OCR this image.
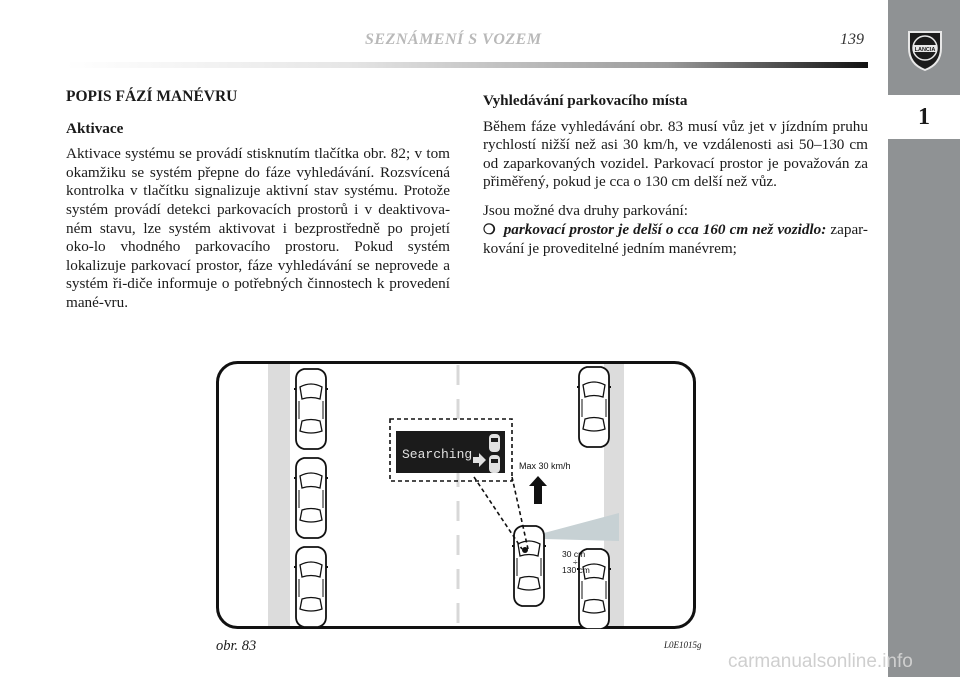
SEZNÁMENÍ S VOZEM	139
LANCIA
1
POPIS FÁZÍ MANÉVRU
Aktivace

Aktivace systému se provádí stisknutím tlačítka obr. 82; v tom okamžiku se systém přepne do fáze vyhledávání. Rozsvícená kontrolka v tlačítku signalizuje aktivní stav systému. Protože systém provádí detekci parkovacích prostorů i v deaktivova-ném stavu, lze systém aktivovat i bezprostředně po projetí oko-lo vhodného parkovacího prostoru. Pokud systém lokalizuje parkovací prostor, fáze vyhledávání se neprovede a systém ři-diče informuje o potřebných činnostech k provedení mané-vru.

Vyhledávání parkovacího místa

Během fáze vyhledávání obr. 83 musí vůz jet v jízdním pruhu rychlostí nižší než asi 30 km/h, ve vzdálenosti asi 50–130 cm od zaparkovaných vozidel. Parkovací prostor je považován za přiměřený, pokud je cca o 130 cm delší než vůz.

Jsou možné dva druhy parkování:

❍ parkovací prostor je delší o cca 160 cm než vozidlo: zapar-kování je proveditelné jedním manévrem;

Max 30 km/h
Searching
30 cm
÷
130 cm
obr. 83	L0E1015g
carmanualsonline.info
